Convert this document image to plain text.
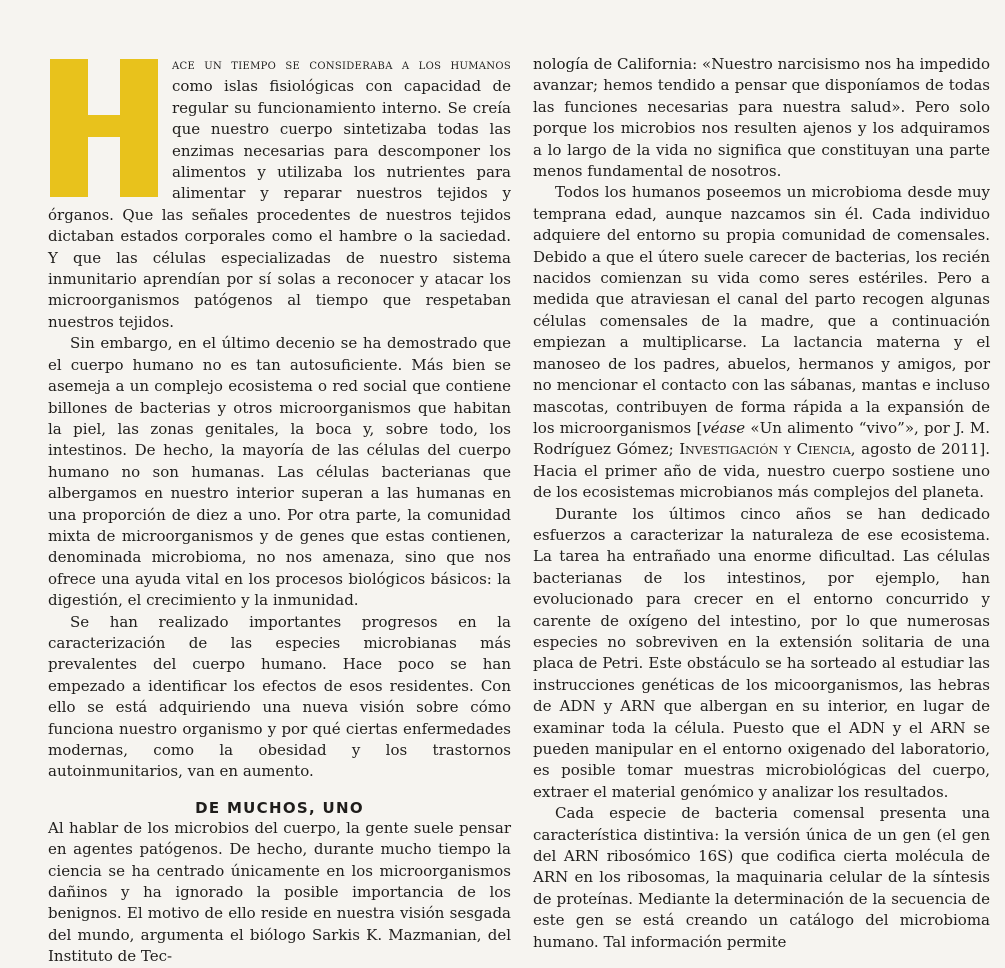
ace un tiempo se consideraba a los humanos como islas fisiológicas con capacidad de regular su funcionamiento interno. Se creía que nuestro cuerpo sintetizaba todas las enzimas necesarias para descomponer los alimentos y utilizaba los nutrientes para alimentar y reparar nuestros tejidos y órganos. Que las señales procedentes de nuestros tejidos dictaban estados corporales como el hambre o la saciedad. Y que las células especializadas de nuestro sistema inmunitario aprendían por sí solas a reconocer y atacar los microorganismos patógenos al tiempo que respetaban nuestros tejidos.

Sin embargo, en el último decenio se ha demostrado que el cuerpo humano no es tan autosuficiente. Más bien se asemeja a un complejo ecosistema o red social que contiene billones de bacterias y otros microorganismos que habitan la piel, las zonas genitales, la boca y, sobre todo, los intestinos. De hecho, la mayoría de las células del cuerpo humano no son humanas. Las células bacterianas que albergamos en nuestro interior superan a las humanas en una proporción de diez a uno. Por otra parte, la comunidad mixta de microorganismos y de genes que estas contienen, denominada microbioma, no nos amenaza, sino que nos ofrece una ayuda vital en los procesos biológicos básicos: la digestión, el crecimiento y la inmunidad.

Se han realizado importantes progresos en la caracterización de las especies microbianas más prevalentes del cuerpo humano. Hace poco se han empezado a identificar los efectos de esos residentes. Con ello se está adquiriendo una nueva visión sobre cómo funciona nuestro organismo y por qué ciertas enfermedades modernas, como la obesidad y los trastornos autoinmunitarios, van en aumento.

DE MUCHOS, UNO

Al hablar de los microbios del cuerpo, la gente suele pensar en agentes patógenos. De hecho, durante mucho tiempo la ciencia se ha centrado únicamente en los microorganismos dañinos y ha ignorado la posible importancia de los benignos. El motivo de ello reside en nuestra visión sesgada del mundo, argumenta el biólogo Sarkis K. Mazmanian, del Instituto de Tec-

nología de California: «Nuestro narcisismo nos ha impedido avanzar; hemos tendido a pensar que disponíamos de todas las funciones necesarias para nuestra salud». Pero solo porque los microbios nos resulten ajenos y los adquiramos a lo largo de la vida no significa que constituyan una parte menos fundamental de nosotros.

Todos los humanos poseemos un microbioma desde muy temprana edad, aunque nazcamos sin él. Cada individuo adquiere del entorno su propia comunidad de comensales. Debido a que el útero suele carecer de bacterias, los recién nacidos comienzan su vida como seres estériles. Pero a medida que atraviesan el canal del parto recogen algunas células comensales de la madre, que a continuación empiezan a multiplicarse. La lactancia materna y el manoseo de los padres, abuelos, hermanos y amigos, por no mencionar el contacto con las sábanas, mantas e incluso mascotas, contribuyen de forma rápida a la expansión de los microorganismos [véase «Un alimento “vivo”», por J. M. Rodríguez Gómez; Investigación y Ciencia, agosto de 2011]. Hacia el primer año de vida, nuestro cuerpo sostiene uno de los ecosistemas microbianos más complejos del planeta.

Durante los últimos cinco años se han dedicado esfuerzos a caracterizar la naturaleza de ese ecosistema. La tarea ha entrañado una enorme dificultad. Las células bacterianas de los intestinos, por ejemplo, han evolucionado para crecer en el entorno concurrido y carente de oxígeno del intestino, por lo que numerosas especies no sobreviven en la extensión solitaria de una placa de Petri. Este obstáculo se ha sorteado al estudiar las instrucciones genéticas de los micoorganismos, las hebras de ADN y ARN que albergan en su interior, en lugar de examinar toda la célula. Puesto que el ADN y el ARN se pueden manipular en el entorno oxigenado del laboratorio, es posible tomar muestras microbiológicas del cuerpo, extraer el material genómico y analizar los resultados.

Cada especie de bacteria comensal presenta una característica distintiva: la versión única de un gen (el gen del ARN ribosómico 16S) que codifica cierta molécula de ARN en los ribosomas, la maquinaria celular de la síntesis de proteínas. Mediante la determinación de la secuencia de este gen se está creando un catálogo del microbioma humano. Tal información permite
